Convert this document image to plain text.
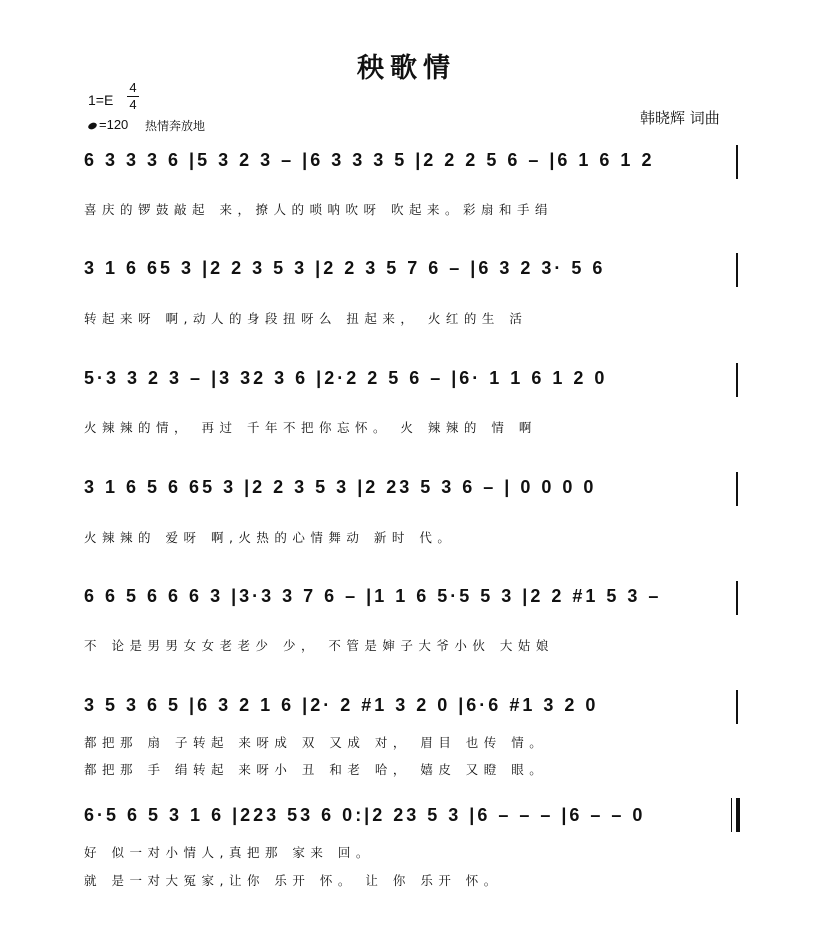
秧歌情
1=E
4
4
=120 热情奔放地	韩晓辉 词曲
6 3 3 3 6 |5 3 2 3 – |6 3 3 3 5 |2 2 2 5 6 – |6 1 6 1 2
喜庆的锣鼓敲起 来，撩人的唢呐吹呀 吹起来。彩扇和手绢
3 1 6 65 3 |2 2 3 5 3 |2 2 3 5 7 6 – |6 3 2 3· 5 6
转起来呀 啊,动人的身段扭呀么 扭起来， 火红的生 活
5·3 3 2 3 – |3 32 3 6 |2·2 2 5 6 – |6· 1 1 6 1 2 0
火辣辣的情， 再过 千年不把你忘怀。 火 辣辣的 情 啊
3 1 6 5 6 65 3 |2 2 3 5 3 |2 23 5 3 6 – | 0 0 0 0
火辣辣的 爱呀 啊,火热的心情舞动 新时 代。
6 6 5 6 6 6 3 |3·3 3 7 6 – |1 1 6 5·5 5 3 |2 2 #1 5 3 –
不 论是男男女女老老少 少， 不管是婶子大爷小伙 大姑娘
3 5 3 6 5 |6 3 2 1 6 |2· 2 #1 3 2 0 |6·6 #1 3 2 0
都把那 扇 子转起 来呀成 双 又成 对， 眉目 也传 情。
都把那 手 绢转起 来呀小 丑 和老 哈， 嬉皮 又瞪 眼。
6·5 6 5 3 1 6 |223 53 6 0:|2 23 5 3 |6 – – – |6 – – 0
好 似一对小情人,真把那 家来 回。
就 是一对大冤家,让你 乐开 怀。 让 你 乐开 怀。
